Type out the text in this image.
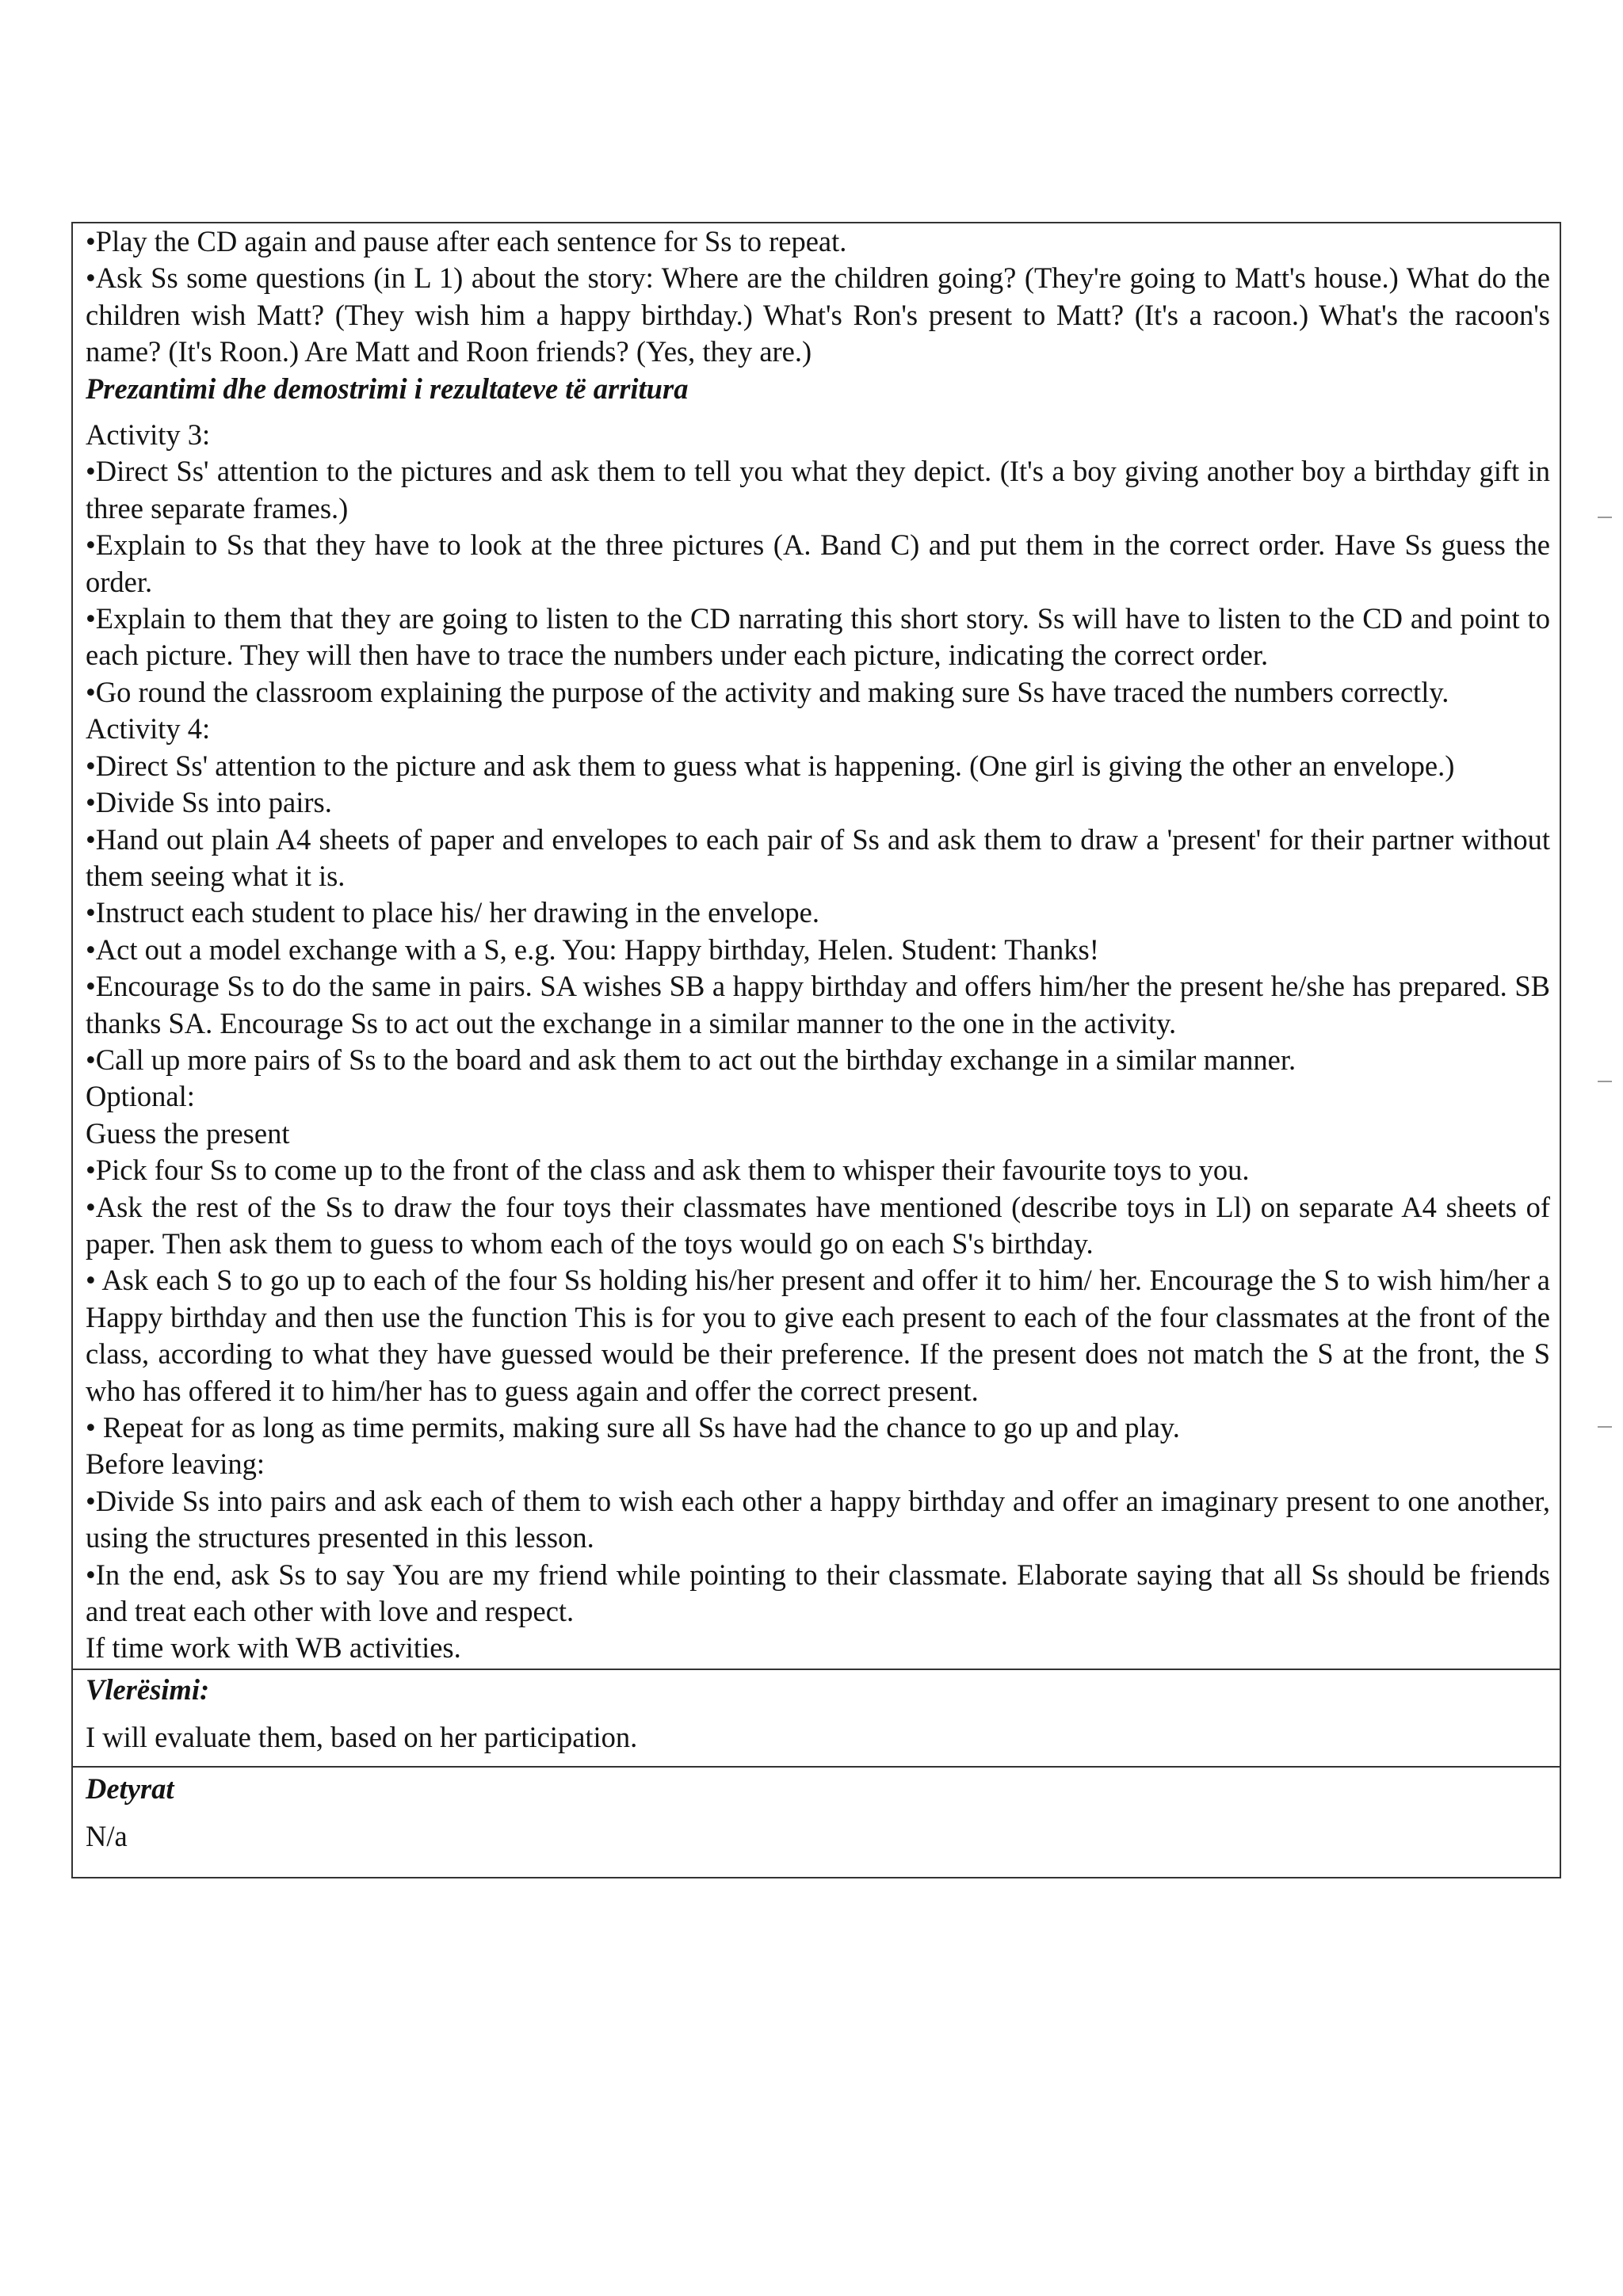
•Play the CD again and pause after each sentence for Ss to repeat.

•Ask Ss some questions (in L 1) about the story: Where are the children going? (They're going to Matt's house.) What do the children wish Matt? (They wish him a happy birthday.) What's Ron's present to Matt? (It's a racoon.) What's the racoon's name? (It's Roon.) Are Matt and Roon friends? (Yes, they are.)

Prezantimi dhe demostrimi i rezultateve të arritura

Activity 3:

•Direct Ss' attention to the pictures and ask them to tell you what they depict. (It's a boy giving another boy a birthday gift in three separate frames.)

•Explain to Ss that they have to look at the three pictures (A. Band C) and put them in the correct order. Have Ss guess the order.

•Explain to them that they are going to listen to the CD narrating this short story. Ss will have to listen to the CD and point to each picture. They will then have to trace the numbers under each picture, indicating the correct order.

•Go round the classroom explaining the purpose of the activity and making sure Ss have traced the numbers correctly.

Activity 4:

•Direct Ss' attention to the picture and ask them to guess what is happening. (One girl is giving the other an envelope.)

•Divide Ss into pairs.

•Hand out plain A4 sheets of paper and envelopes to each pair of Ss and ask them to draw a 'present' for their partner without them seeing what it is.

•Instruct each student to place his/ her drawing in the envelope.

•Act out a model exchange with a S, e.g. You: Happy birthday, Helen. Student: Thanks!

•Encourage Ss to do the same in pairs. SA wishes SB a happy birthday and offers him/her the present he/she has prepared. SB thanks SA. Encourage Ss to act out the exchange in a similar manner to the one in the activity.

•Call up more pairs of Ss to the board and ask them to act out the birthday exchange in a similar manner.

Optional:

Guess the present

•Pick four Ss to come up to the front of the class and ask them to whisper their favourite toys to you.

•Ask the rest of the Ss to draw the four toys their classmates have mentioned (describe toys in Ll) on separate A4 sheets of paper. Then ask them to guess to whom each of the toys would go on each S's birthday.

• Ask each S to go up to each of the four Ss holding his/her present and offer it to him/ her. Encourage the S to wish him/her a Happy birthday and then use the function This is for you to give each present to each of the four classmates at the front of the class, according to what they have guessed would be their preference. If the present does not match the S at the front, the S who has offered it to him/her has to guess again and offer the correct present.

• Repeat for as long as time permits, making sure all Ss have had the chance to go up and play.

Before leaving:

•Divide Ss into pairs and ask each of them to wish each other a happy birthday and offer an imaginary present to one another, using the structures presented in this lesson.

•In the end, ask Ss to say You are my friend while pointing to their classmate. Elaborate saying that all Ss should be friends and treat each other with love and respect.

If time work with WB activities.

Vlerësimi:

I will evaluate them, based on her participation.

Detyrat

N/a
